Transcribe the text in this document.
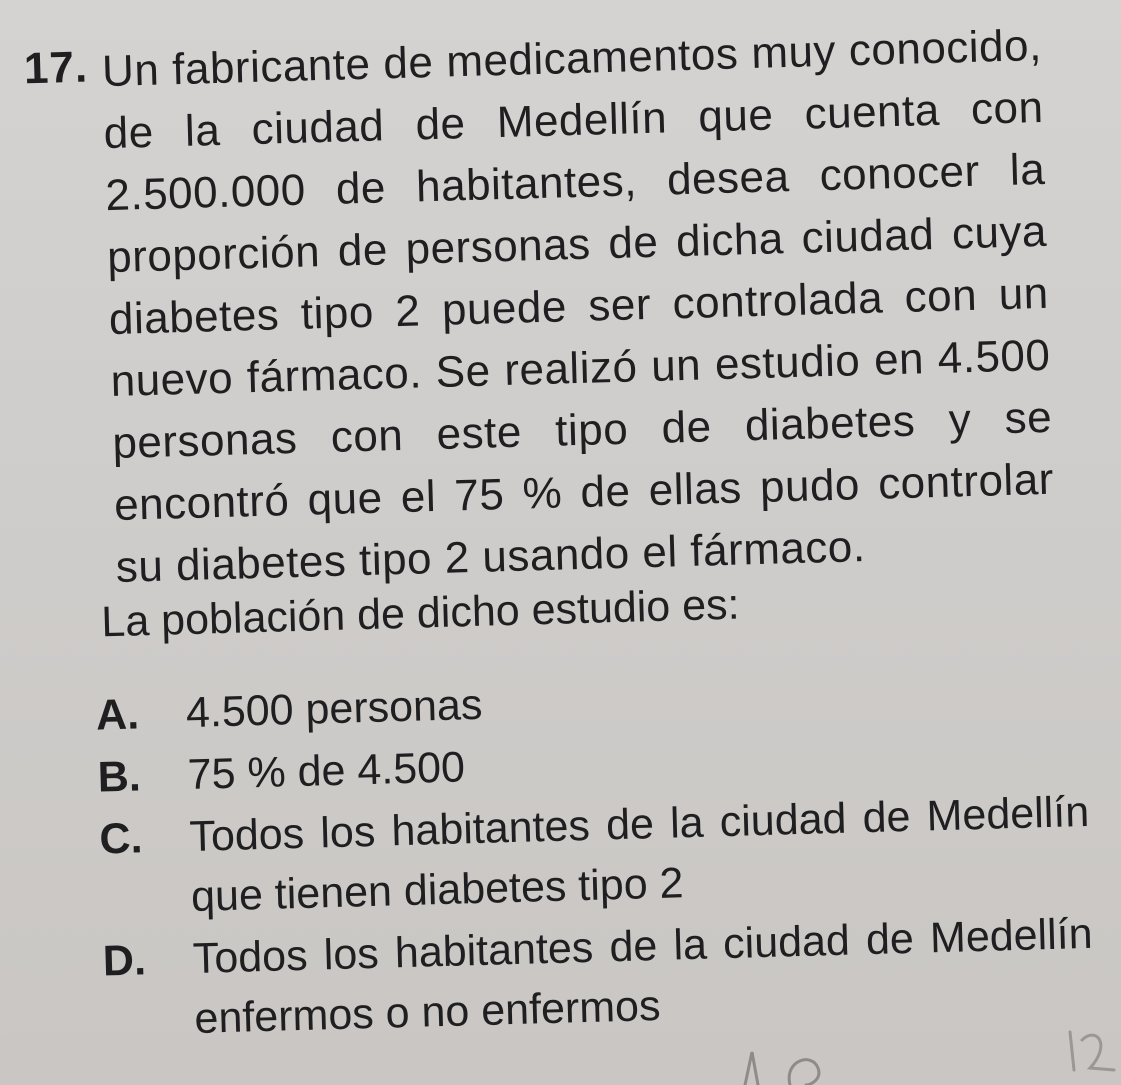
17. Un fabricante de medicamentos muy conocido, de la ciudad de Medellín que cuenta con 2.500.000 de habitantes, desea conocer la proporción de personas de dicha ciudad cuya diabetes tipo 2 puede ser controlada con un nuevo fármaco. Se realizó un estudio en 4.500 personas con este tipo de diabetes y se encontró que el 75 % de ellas pudo controlar su diabetes tipo 2 usando el fármaco.
La población de dicho estudio es:
A.	4.500 personas
B.	75 % de 4.500
C.	Todos los habitantes de la ciudad de Medellín que tienen diabetes tipo 2
D.	Todos los habitantes de la ciudad de Medellín enfermos o no enfermos
